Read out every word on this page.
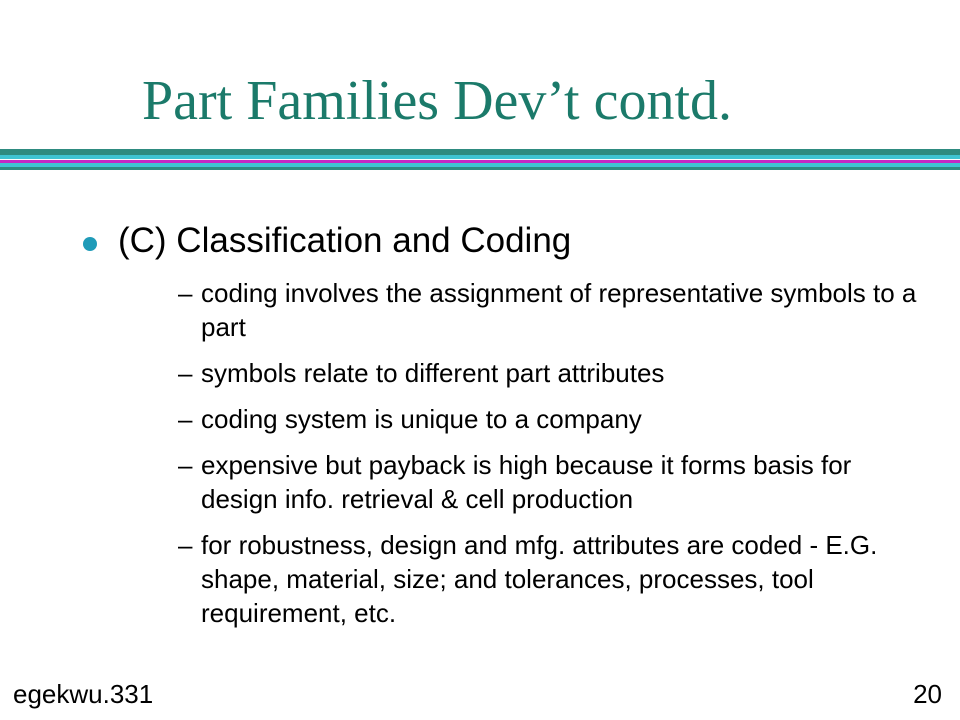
Part Families Dev’t contd.

(C) Classification and Coding

– coding involves the assignment of representative symbols to a part
– symbols relate to different part attributes
– coding system is unique to a company
– expensive but payback is high because it forms basis for design info. retrieval & cell production
– for robustness, design and mfg. attributes are coded - E.G. shape, material, size; and tolerances, processes, tool requirement, etc.
egekwu.331	20
